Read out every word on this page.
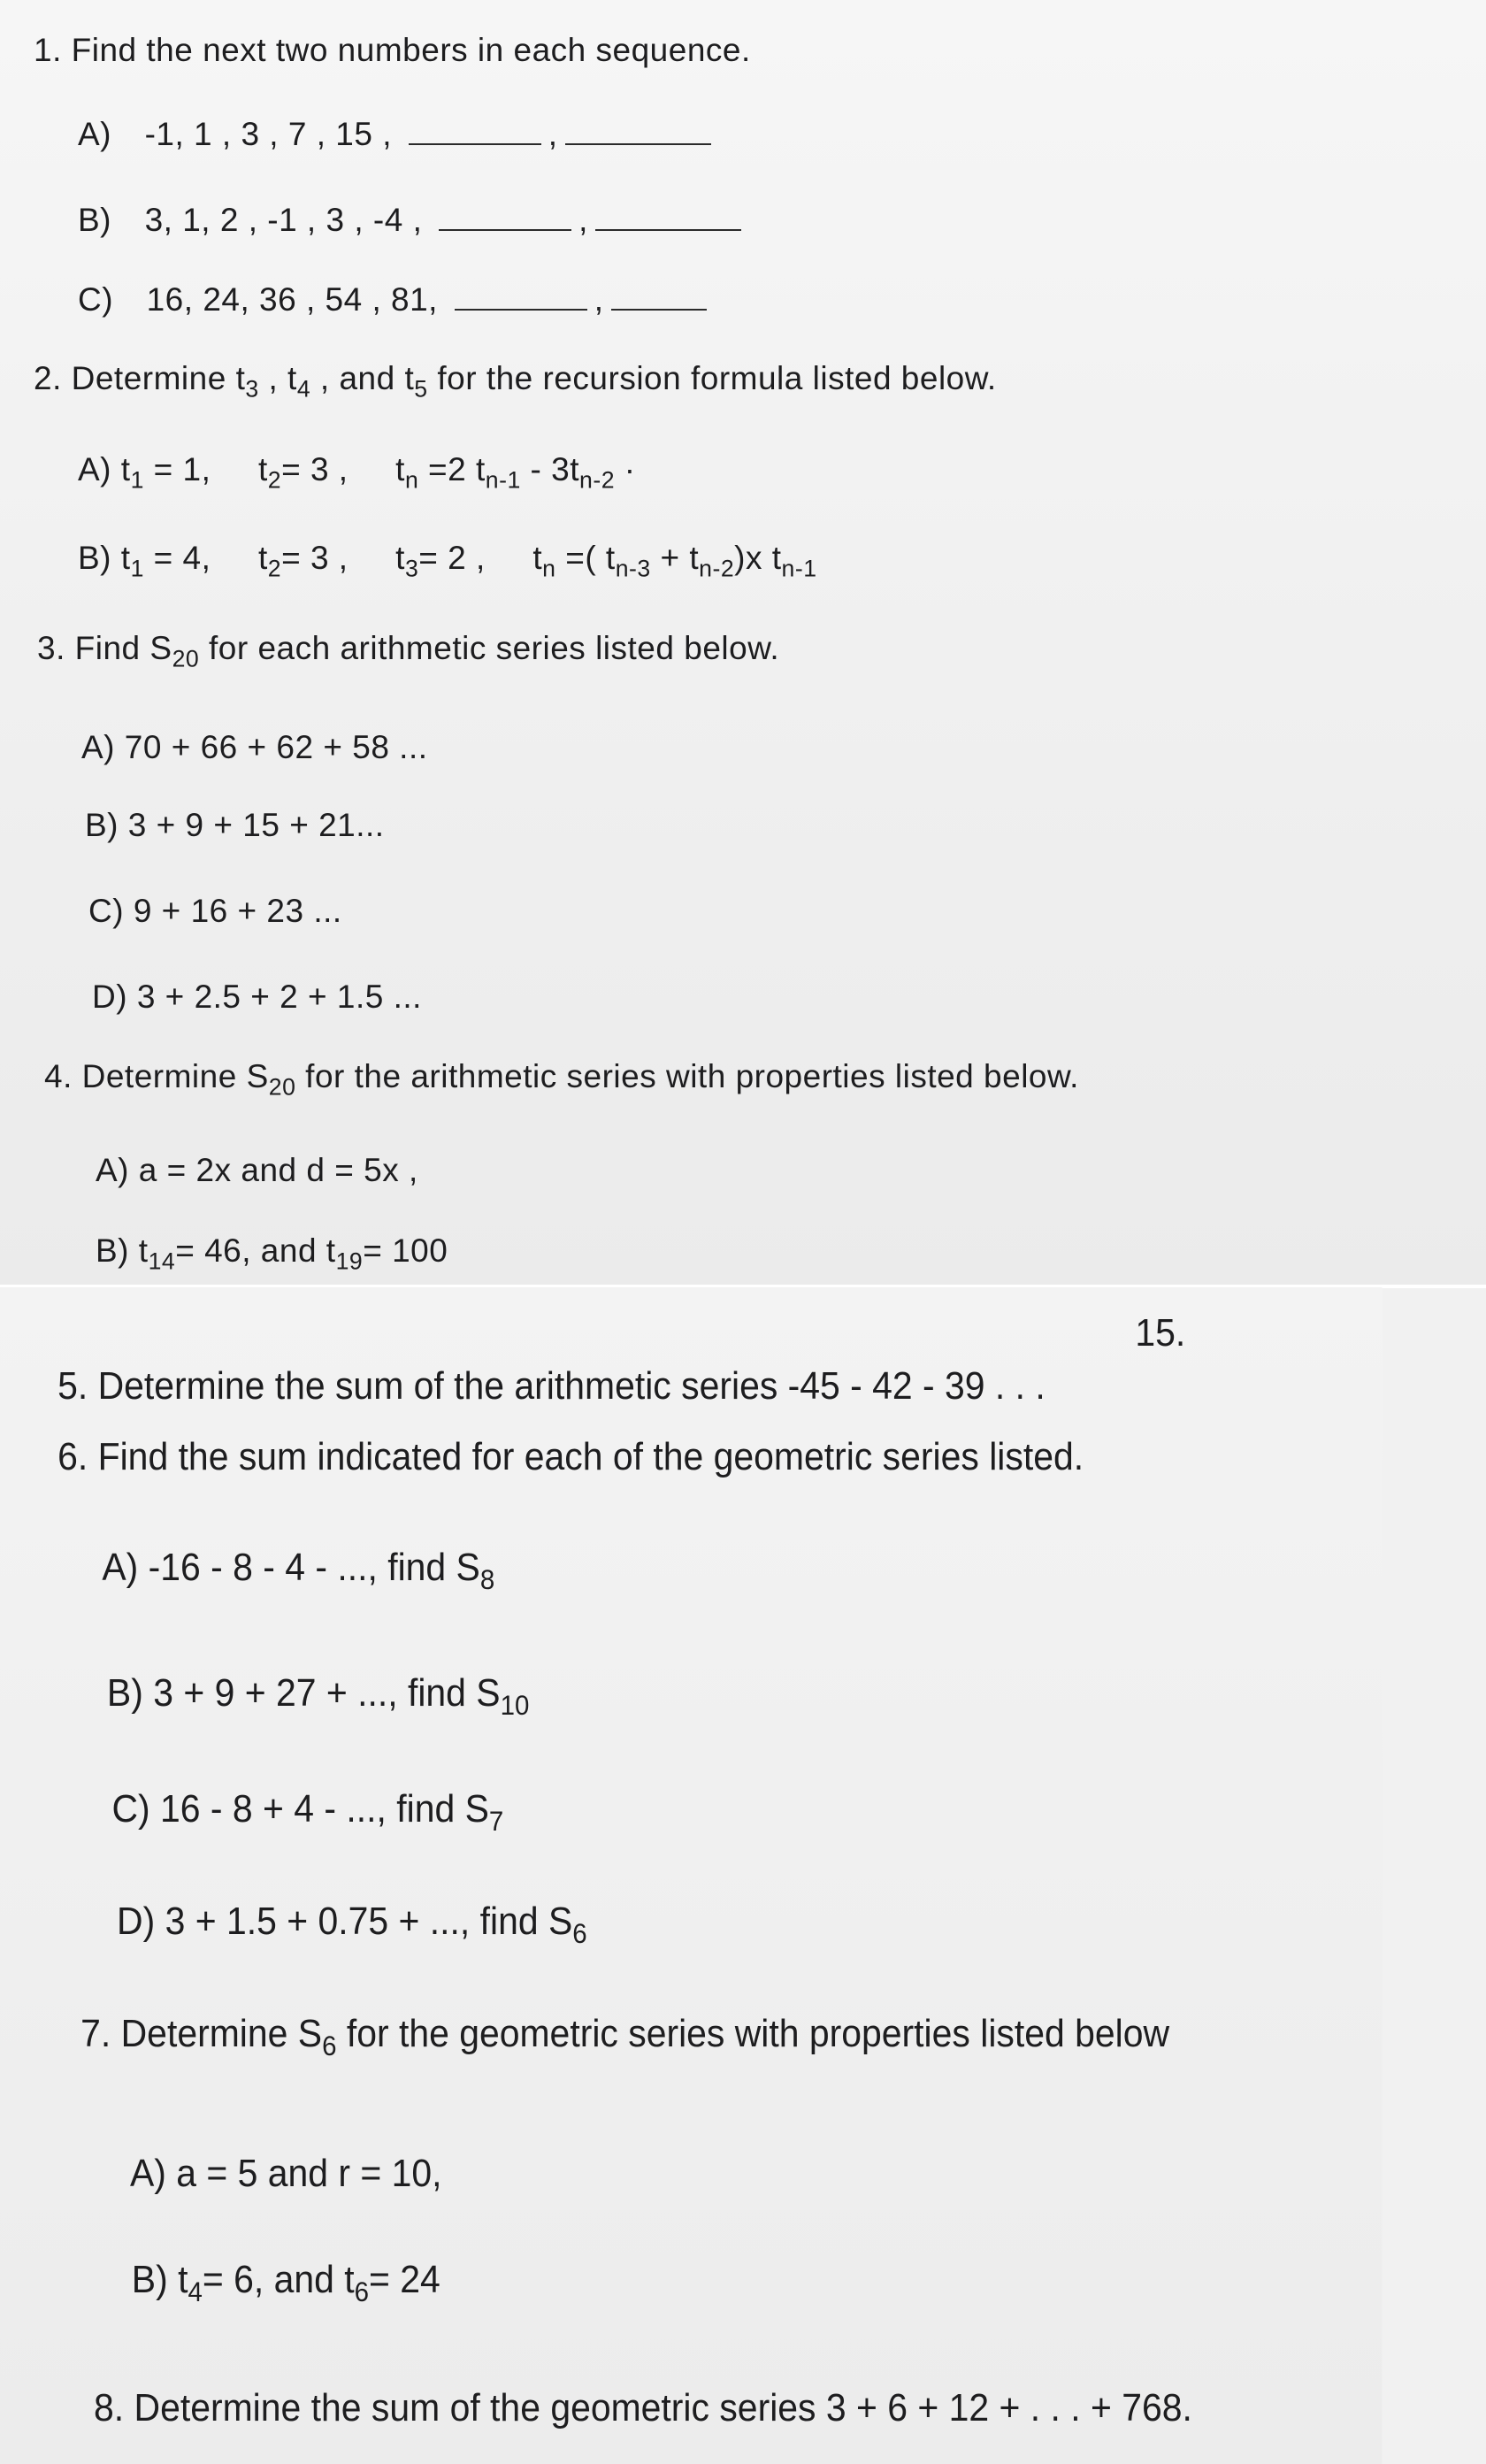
1. Find the next two numbers in each sequence.
A) -1, 1 , 3 , 7 , 15 ,	,
B) 3, 1, 2 , -1 , 3 , -4 ,	,
C) 16, 24, 36 , 54 , 81,	,
2. Determine $t_3$ , $t_4$ , and $t_5$ for the recursion formula listed below.
A) $t_1 = 1$, $t_2= 3$ , $t_n =2$ $t_{n-1} - 3t_{n-2}$ ·
B) $t_1 = 4$, $t_2= 3$ , $t_3= 2$ , $t_n$ =( $t_{n-3} + t_{n-2})x$ $t_{n-1}$
3. Find $S_{20}$ for each arithmetic series listed below.
A) 70 + 66 + 62 + 58 ...
B) 3 + 9 + 15 + 21...
C) 9 + 16 + 23 ...
D) 3 + 2.5 + 2 + 1.5 ...
4. Determine $S_{20}$ for the arithmetic series with properties listed below.
A) a = 2x and d = 5x ,
B) $t_{14}= 46$, and $t_{19}= 100$
5. Determine the sum of the arithmetic series -45 - 42 - 39 . . .
15.
6. Find the sum indicated for each of the geometric series listed.
A) -16 - 8 - 4 - ..., find $S_8$
B) 3 + 9 + 27 + ..., find $S_{10}$
C) 16 - 8 + 4 - ..., find $S_7$
D) 3 + 1.5 + 0.75 + ..., find $S_6$
7. Determine $S_6$ for the geometric series with properties listed below
A) a = 5 and r = 10,
B) $t_4= 6$, and $t_6= 24$
8. Determine the sum of the geometric series 3 + 6 + 12 + . . . + 768.
